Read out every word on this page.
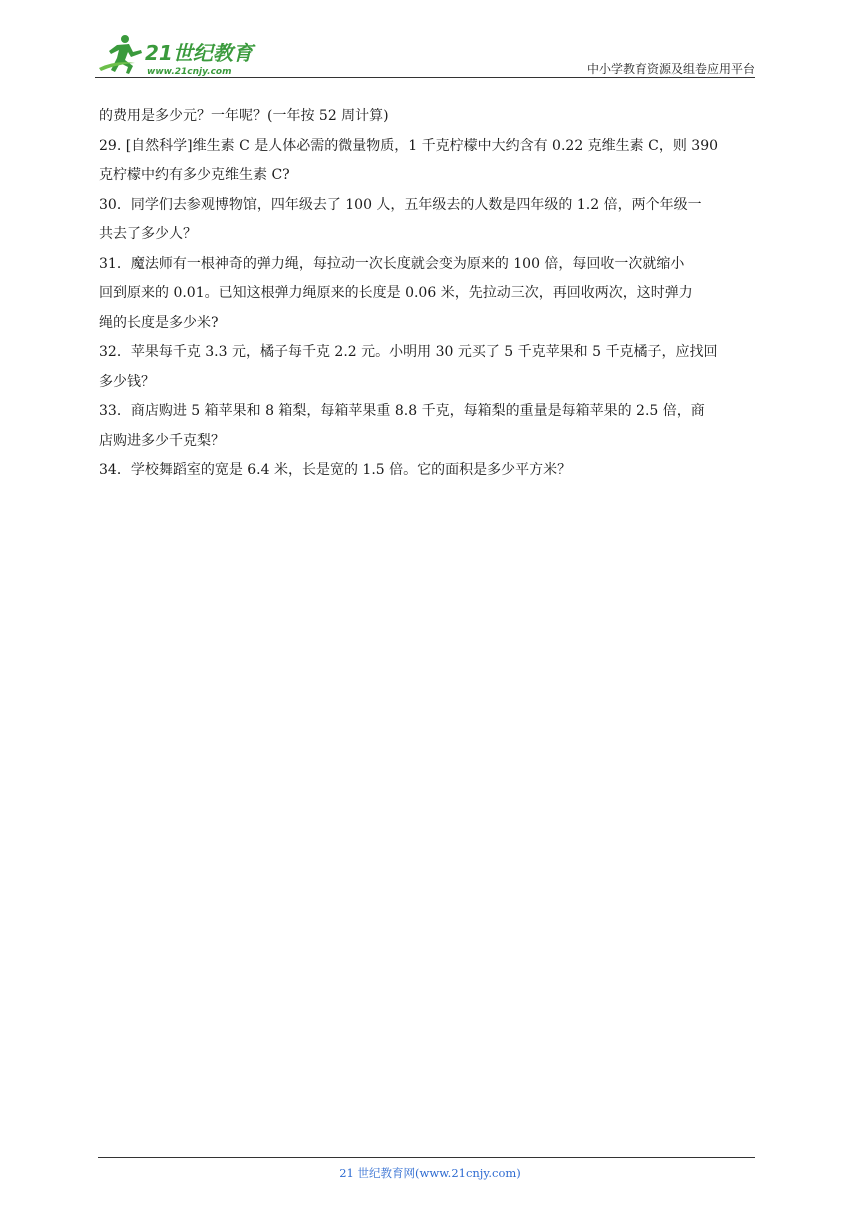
21世纪教育
www.21cnjy.com	中小学教育资源及组卷应用平台

的费用是多少元？一年呢？(一年按 52 周计算)

29. [自然科学]维生素 C 是人体必需的微量物质，1 千克柠檬中大约含有 0.22 克维生素 C，则 390

克柠檬中约有多少克维生素 C?

30．同学们去参观博物馆，四年级去了 100 人，五年级去的人数是四年级的 1.2 倍，两个年级一

共去了多少人？

31．魔法师有一根神奇的弹力绳，每拉动一次长度就会变为原来的 100 倍，每回收一次就缩小

回到原来的 0.01。已知这根弹力绳原来的长度是 0.06 米，先拉动三次，再回收两次，这时弹力

绳的长度是多少米?

32．苹果每千克 3.3 元，橘子每千克 2.2 元。小明用 30 元买了 5 千克苹果和 5 千克橘子，应找回

多少钱？

33．商店购进 5 箱苹果和 8 箱梨，每箱苹果重 8.8 千克，每箱梨的重量是每箱苹果的 2.5 倍，商

店购进多少千克梨？

34．学校舞蹈室的宽是 6.4 米，长是宽的 1.5 倍。它的面积是多少平方米？

21 世纪教育网(www.21cnjy.com)
